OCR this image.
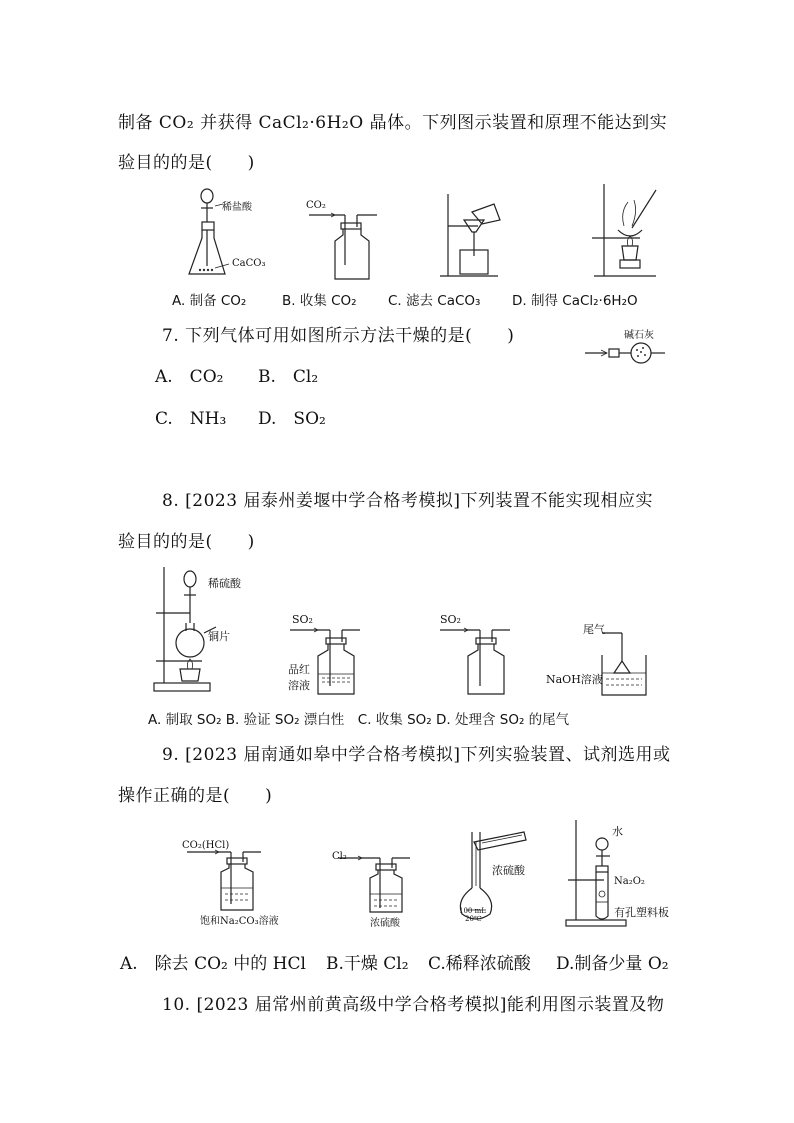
制备 CO₂ 并获得 CaCl₂·6H₂O 晶体。下列图示装置和原理不能达到实
验目的的是(　　)
稀盐酸
CaCO₃
CO₂
A. 制备 CO₂	B. 收集 CO₂ C. 滤去 CaCO₃ D. 制得 CaCl₂·6H₂O
7. 下列气体可用如图所示方法干燥的是(　　)	碱石灰
A.　CO₂ B.　Cl₂
C.　NH₃ D.　SO₂
8. [2023 届泰州姜堰中学合格考模拟]下列装置不能实现相应实
验目的的是(　　)
稀硫酸
铜片
SO₂
品红
溶液
SO₂
尾气
NaOH溶液
A. 制取 SO₂ B. 验证 SO₂ 漂白性　C. 收集 SO₂ D. 处理含 SO₂ 的尾气
9. [2023 届南通如皋中学合格考模拟]下列实验装置、试剂选用或
操作正确的是(　　)
CO₂(HCl)
饱和Na₂CO₃溶液
Cl₂
浓硫酸
浓硫酸
100 mL
20℃
水
Na₂O₂
有孔塑料板
A.　除去 CO₂ 中的 HCl B.干燥 Cl₂ C.稀释浓硫酸 D.制备少量 O₂
10. [2023 届常州前黄高级中学合格考模拟]能利用图示装置及物
